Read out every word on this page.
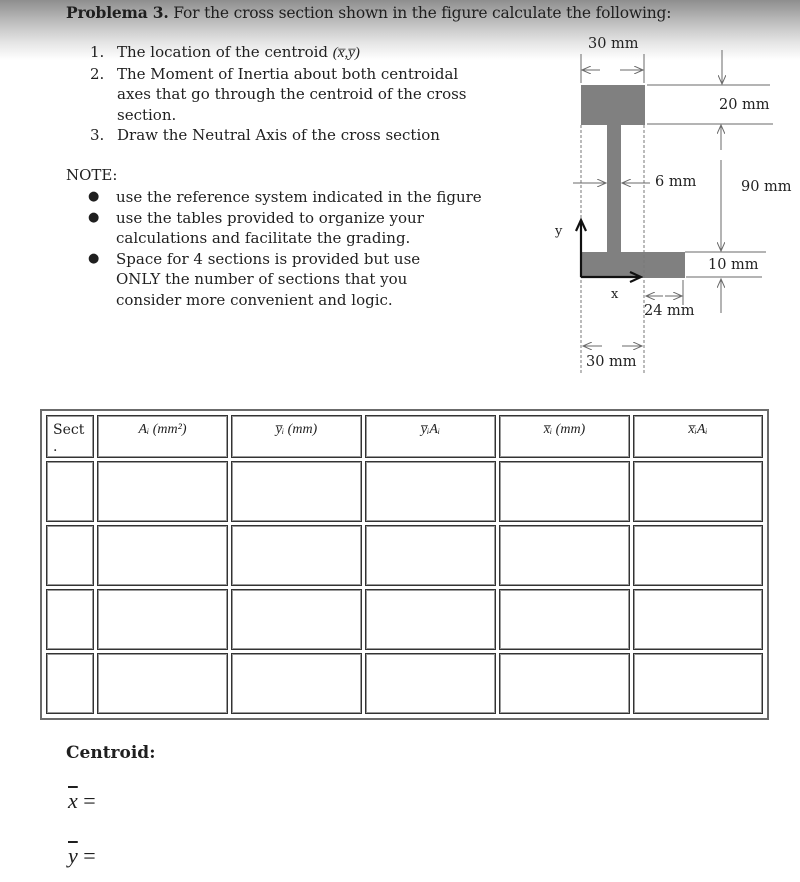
Problema 3. For the cross section shown in the figure calculate the following:
1. The location of the centroid (x̅,y̅)
2. The Moment of Inertia about both centroidal axes that go through the centroid of the cross section.
3. Draw the Neutral Axis of the cross section
NOTE:
●	use the reference system indicated in the figure
●	use the tables provided to organize your calculations and facilitate the grading.
●	Space for 4 sections is provided but use ONLY the number of sections that you consider more convenient and logic.
30 mm
20 mm
6 mm	90 mm
10 mm
24 mm
30 mm
y
x
Sect
.	Aᵢ (mm²)	y̅ᵢ (mm)	y̅ᵢAᵢ	x̅ᵢ (mm)	x̅ᵢAᵢ

Centroid:
$\overline{x}$ =
$\overline{y}$ =
